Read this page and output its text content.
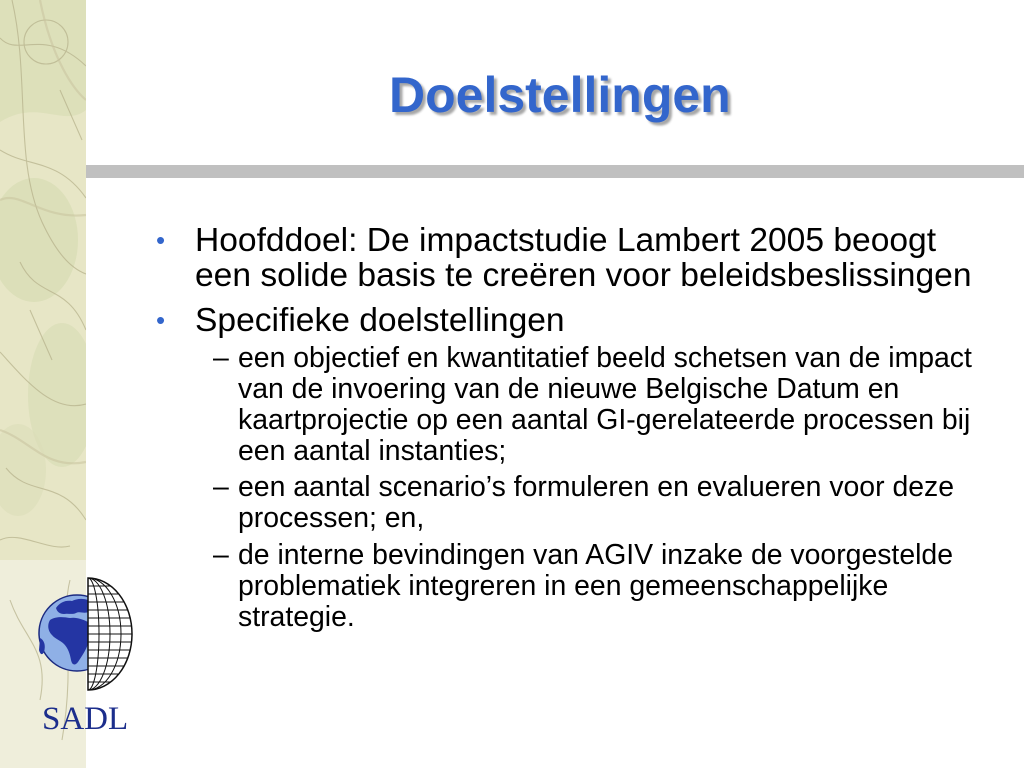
Doelstellingen
• Hoofddoel: De impactstudie Lambert 2005 beoogt
een solide basis te creëren voor beleidsbeslissingen
• Specifieke doelstellingen
– een objectief en kwantitatief beeld schetsen van de impact
van de invoering van de nieuwe Belgische Datum en
kaartprojectie op een aantal GI-gerelateerde processen bij
een aantal instanties;
– een aantal scenario’s formuleren en evalueren voor deze
processen; en,
– de interne bevindingen van AGIV inzake de voorgestelde
problematiek integreren in een gemeenschappelijke
strategie.
SADL
